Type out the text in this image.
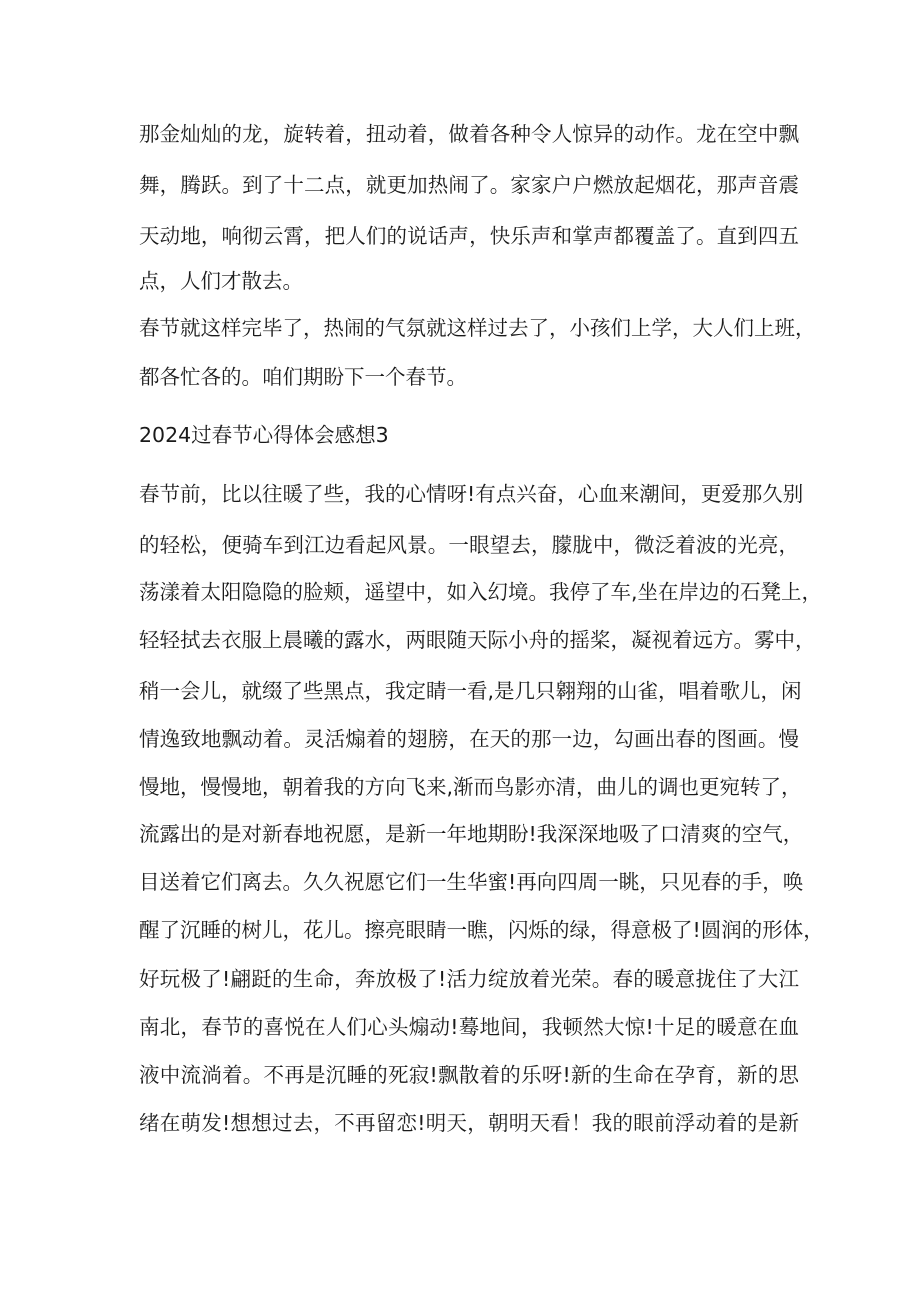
那金灿灿的龙，旋转着，扭动着，做着各种令人惊异的动作。龙在空中飘

舞，腾跃。到了十二点，就更加热闹了。家家户户燃放起烟花，那声音震

天动地，响彻云霄，把人们的说话声，快乐声和掌声都覆盖了。直到四五

点，人们才散去。

春节就这样完毕了，热闹的气氛就这样过去了，小孩们上学，大人们上班，

都各忙各的。咱们期盼下一个春节。

2024过春节心得体会感想3

春节前，比以往暖了些，我的心情呀!有点兴奋，心血来潮间，更爱那久别

的轻松，便骑车到江边看起风景。一眼望去，朦胧中，微泛着波的光亮，

荡漾着太阳隐隐的脸颊，遥望中，如入幻境。我停了车,坐在岸边的石凳上，

轻轻拭去衣服上晨曦的露水，两眼随天际小舟的摇桨，凝视着远方。雾中，

稍一会儿，就缀了些黑点，我定睛一看,是几只翱翔的山雀，唱着歌儿，闲

情逸致地飘动着。灵活煽着的翅膀，在天的那一边，勾画出春的图画。慢

慢地，慢慢地，朝着我的方向飞来,渐而鸟影亦清，曲儿的调也更宛转了，

流露出的是对新春地祝愿，是新一年地期盼!我深深地吸了口清爽的空气，

目送着它们离去。久久祝愿它们一生华蜜!再向四周一眺，只见春的手，唤

醒了沉睡的树儿，花儿。擦亮眼睛一瞧，闪烁的绿，得意极了!圆润的形体，

好玩极了!翩跹的生命，奔放极了!活力绽放着光荣。春的暖意拢住了大江

南北，春节的喜悦在人们心头煽动!蓦地间，我顿然大惊!十足的暖意在血

液中流淌着。不再是沉睡的死寂!飘散着的乐呀!新的生命在孕育，新的思

绪在萌发!想想过去，不再留恋!明天，朝明天看！我的眼前浮动着的是新
